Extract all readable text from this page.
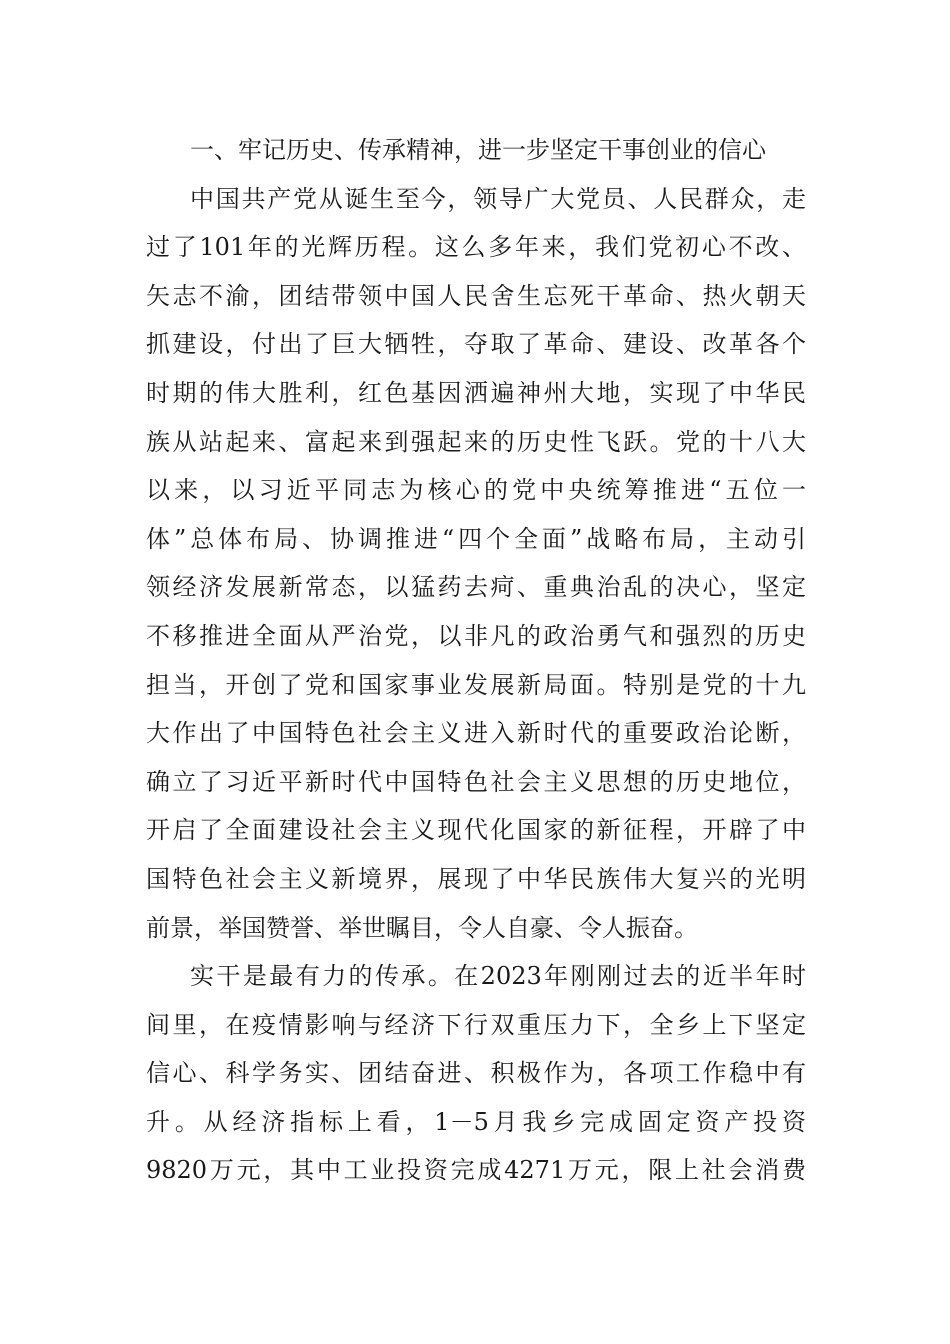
一、牢记历史、传承精神，进一步坚定干事创业的信心
中国共产党从诞生至今，领导广大党员、人民群众，走
过了101年的光辉历程。这么多年来，我们党初心不改、
矢志不渝，团结带领中国人民舍生忘死干革命、热火朝天
抓建设，付出了巨大牺牲，夺取了革命、建设、改革各个
时期的伟大胜利，红色基因洒遍神州大地，实现了中华民
族从站起来、富起来到强起来的历史性飞跃。党的十八大
以来，以习近平同志为核心的党中央统筹推进“五位一
体”总体布局、协调推进“四个全面”战略布局，主动引
领经济发展新常态，以猛药去疴、重典治乱的决心，坚定
不移推进全面从严治党，以非凡的政治勇气和强烈的历史
担当，开创了党和国家事业发展新局面。特别是党的十九
大作出了中国特色社会主义进入新时代的重要政治论断，
确立了习近平新时代中国特色社会主义思想的历史地位，
开启了全面建设社会主义现代化国家的新征程，开辟了中
国特色社会主义新境界，展现了中华民族伟大复兴的光明
前景，举国赞誉、举世瞩目，令人自豪、令人振奋。
实干是最有力的传承。在2023年刚刚过去的近半年时
间里，在疫情影响与经济下行双重压力下，全乡上下坚定
信心、科学务实、团结奋进、积极作为，各项工作稳中有
升。从经济指标上看，1－5月我乡完成固定资产投资
9820万元，其中工业投资完成4271万元，限上社会消费
